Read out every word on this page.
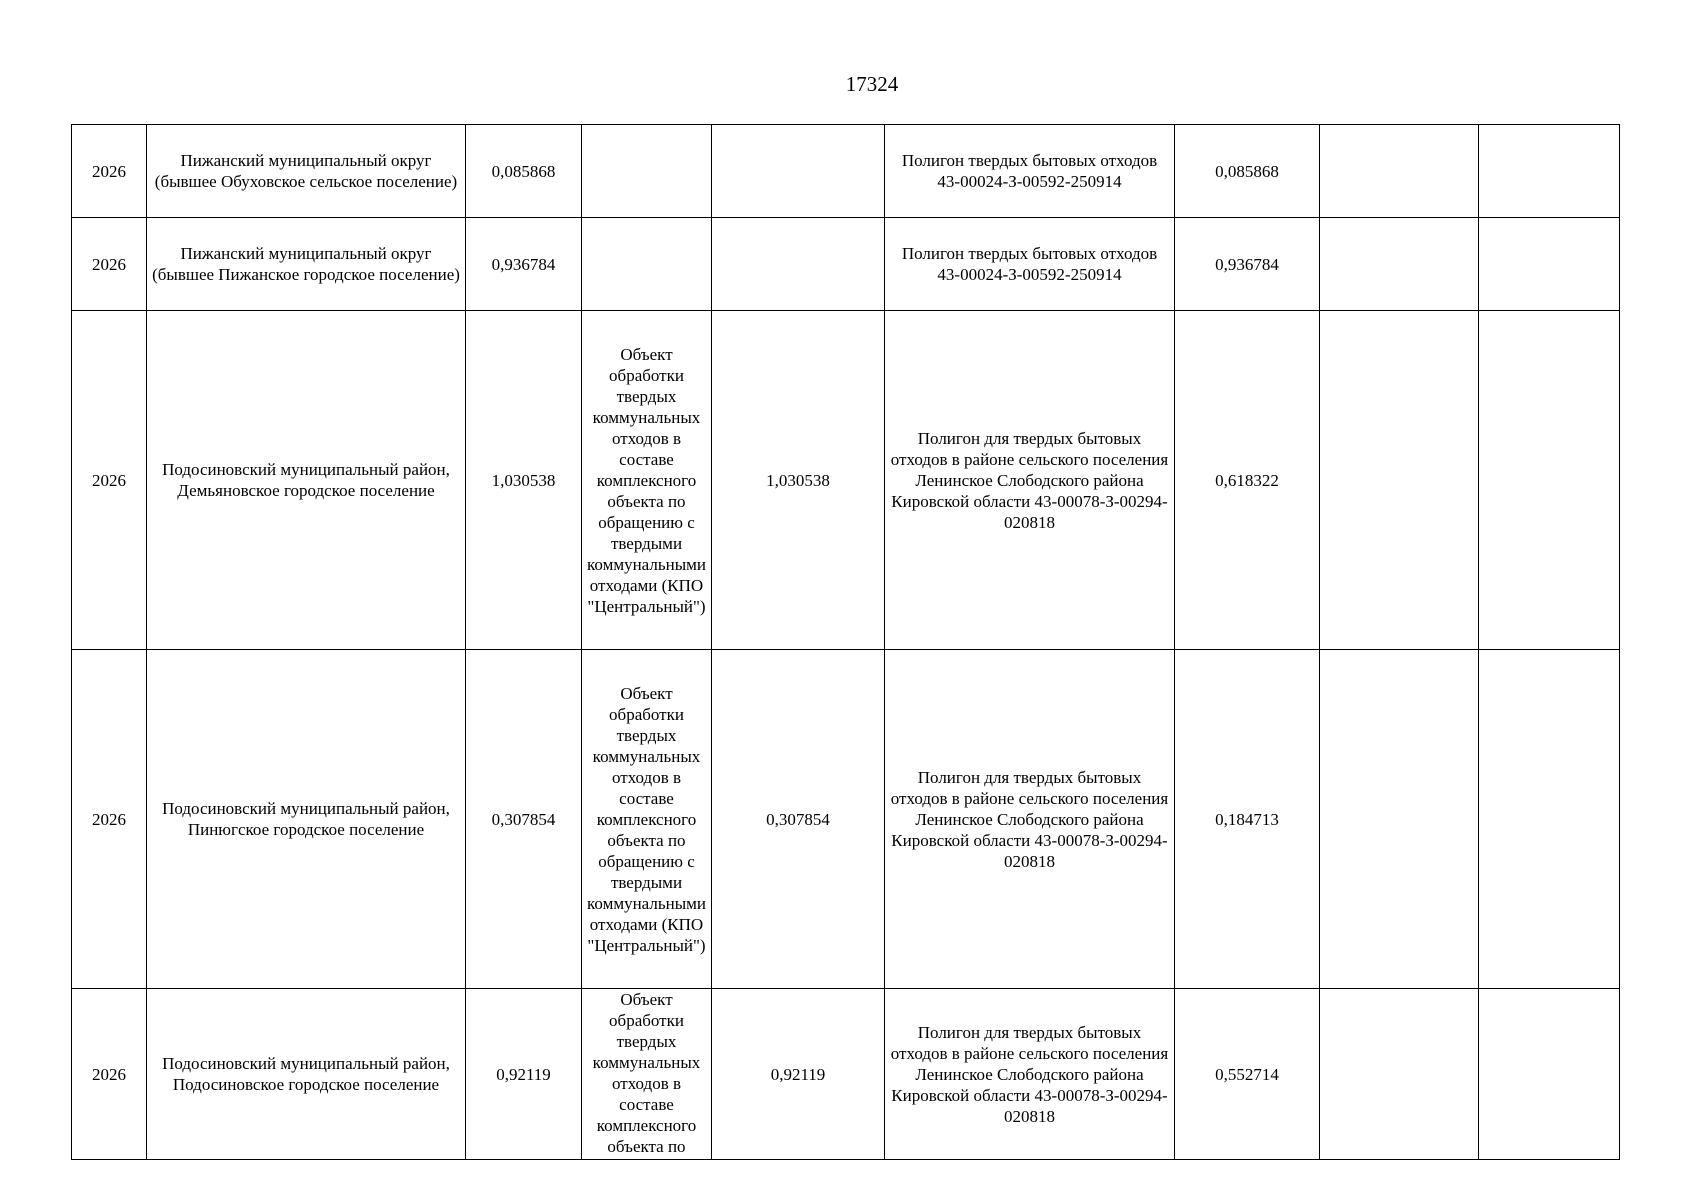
17324
2026	Пижанский муниципальный округ (бывшее Обуховское сельское поселение)	0,085868			Полигон твердых бытовых отходов 43-00024-З-00592-250914	0,085868		
2026	Пижанский муниципальный округ (бывшее Пижанское городское поселение)	0,936784			Полигон твердых бытовых отходов 43-00024-З-00592-250914	0,936784		
2026	Подосиновский муниципальный район, Демьяновское городское поселение	1,030538	Объект обработки твердых коммунальных отходов в составе комплексного объекта по обращению с твердыми коммунальными отходами (КПО "Центральный")	1,030538	Полигон для твердых бытовых отходов в районе сельского поселения Ленинское Слободского района Кировской области 43-00078-З-00294-020818	0,618322		
2026	Подосиновский муниципальный район, Пинюгское городское поселение	0,307854	Объект обработки твердых коммунальных отходов в составе комплексного объекта по обращению с твердыми коммунальными отходами (КПО "Центральный")	0,307854	Полигон для твердых бытовых отходов в районе сельского поселения Ленинское Слободского района Кировской области 43-00078-З-00294-020818	0,184713		
2026	Подосиновский муниципальный район, Подосиновское городское поселение	0,92119	Объект обработки твердых коммунальных отходов в составе комплексного объекта по	0,92119	Полигон для твердых бытовых отходов в районе сельского поселения Ленинское Слободского района Кировской области 43-00078-З-00294-020818	0,552714		
